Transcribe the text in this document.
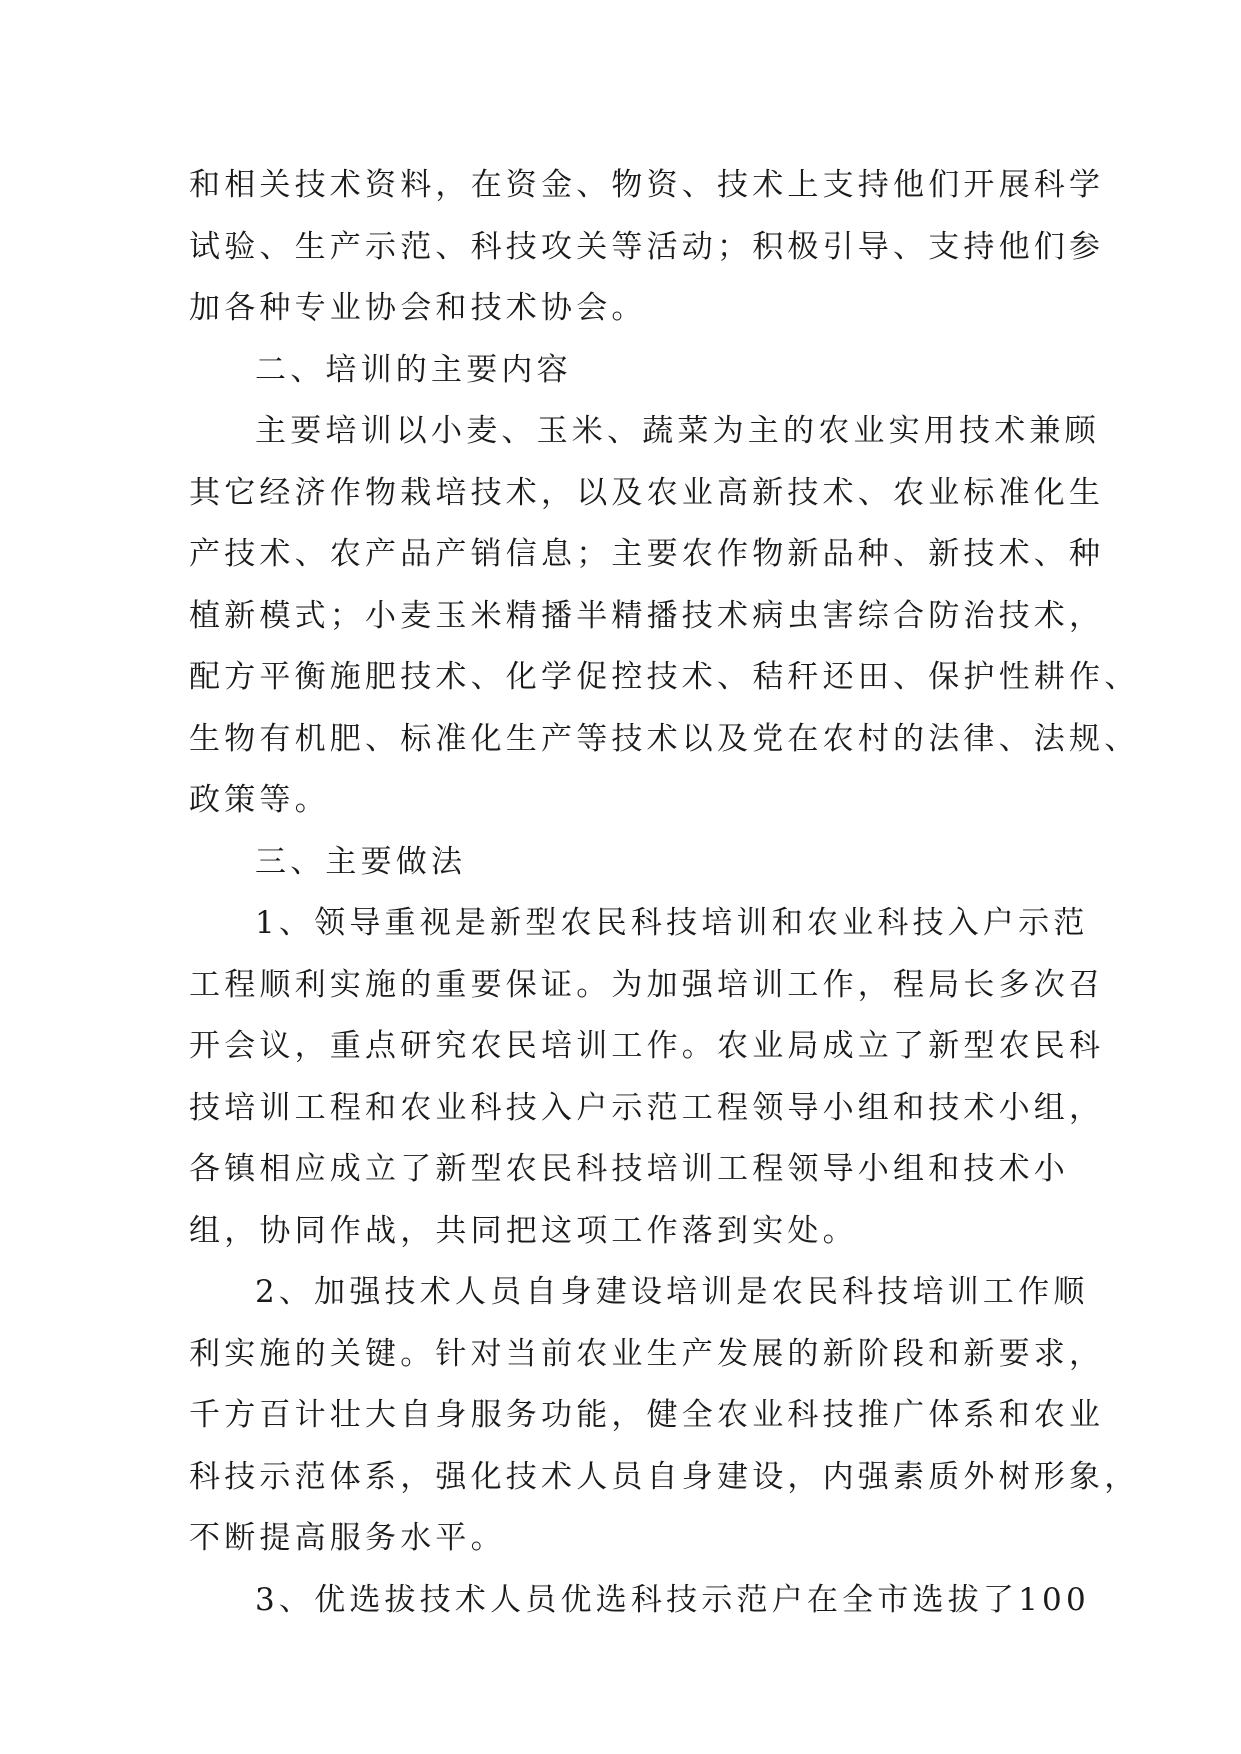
和相关技术资料，在资金、物资、技术上支持他们开展科学
试验、生产示范、科技攻关等活动；积极引导、支持他们参
加各种专业协会和技术协会。
二、培训的主要内容
主要培训以小麦、玉米、蔬菜为主的农业实用技术兼顾
其它经济作物栽培技术，以及农业高新技术、农业标准化生
产技术、农产品产销信息；主要农作物新品种、新技术、种
植新模式；小麦玉米精播半精播技术病虫害综合防治技术，
配方平衡施肥技术、化学促控技术、秸秆还田、保护性耕作、
生物有机肥、标准化生产等技术以及党在农村的法律、法规、
政策等。
三、主要做法
1、领导重视是新型农民科技培训和农业科技入户示范
工程顺利实施的重要保证。为加强培训工作，程局长多次召
开会议，重点研究农民培训工作。农业局成立了新型农民科
技培训工程和农业科技入户示范工程领导小组和技术小组，
各镇相应成立了新型农民科技培训工程领导小组和技术小
组，协同作战，共同把这项工作落到实处。
2、加强技术人员自身建设培训是农民科技培训工作顺
利实施的关键。针对当前农业生产发展的新阶段和新要求，
千方百计壮大自身服务功能，健全农业科技推广体系和农业
科技示范体系，强化技术人员自身建设，内强素质外树形象，
不断提高服务水平。
3、优选拔技术人员优选科技示范户在全市选拔了100
